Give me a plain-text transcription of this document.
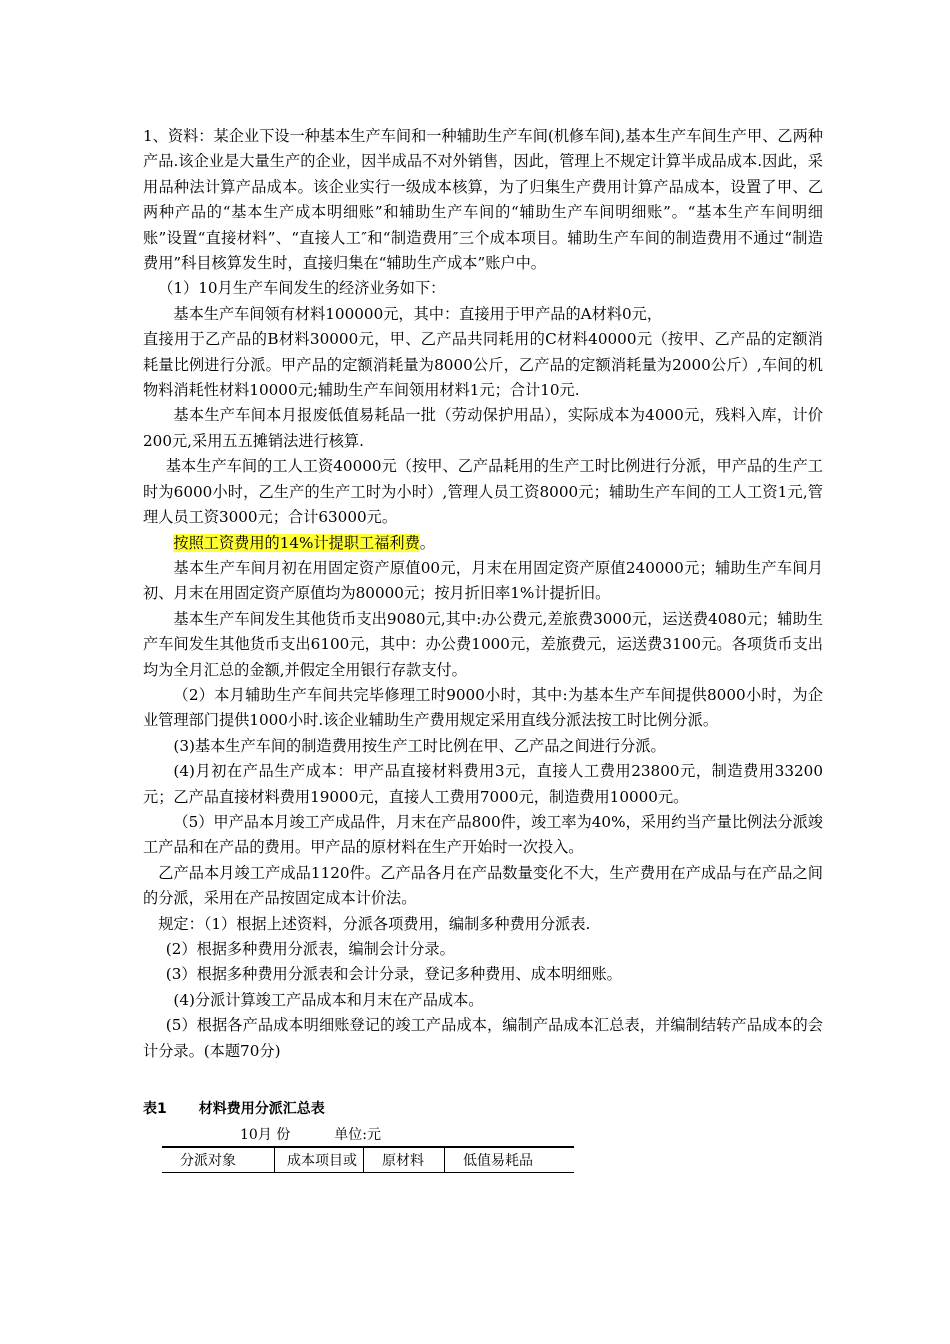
1、资料：某企业下设一种基本生产车间和一种辅助生产车间(机修车间),基本生产车间生产甲、乙两种产品.该企业是大量生产的企业，因半成品不对外销售，因此，管理上不规定计算半成品成本.因此，采用品种法计算产品成本。该企业实行一级成本核算，为了归集生产费用计算产品成本，设置了甲、乙两种产品的“基本生产成本明细账”和辅助生产车间的“辅助生产车间明细账”。“基本生产车间明细账”设置“直接材料”、“直接人工″和“制造费用″三个成本项目。辅助生产车间的制造费用不通过“制造费用”科目核算发生时，直接归集在“辅助生产成本”账户中。

（1）10月生产车间发生的经济业务如下：

基本生产车间领有材料100000元，其中：直接用于甲产品的A材料0元，

直接用于乙产品的B材料30000元，甲、乙产品共同耗用的C材料40000元（按甲、乙产品的定额消耗量比例进行分派。甲产品的定额消耗量为8000公斤，乙产品的定额消耗量为2000公斤）,车间的机物料消耗性材料10000元;辅助生产车间领用材料1元；合计10元.

基本生产车间本月报废低值易耗品一批（劳动保护用品），实际成本为4000元，残料入库，计价200元,采用五五摊销法进行核算.

基本生产车间的工人工资40000元（按甲、乙产品耗用的生产工时比例进行分派，甲产品的生产工时为6000小时，乙生产的生产工时为小时）,管理人员工资8000元；辅助生产车间的工人工资1元,管理人员工资3000元；合计63000元。

按照工资费用的14%计提职工福利费。

基本生产车间月初在用固定资产原值00元，月末在用固定资产原值240000元；辅助生产车间月初、月末在用固定资产原值均为80000元；按月折旧率1%计提折旧。

基本生产车间发生其他货币支出9080元,其中:办公费元,差旅费3000元，运送费4080元；辅助生产车间发生其他货币支出6100元，其中：办公费1000元，差旅费元，运送费3100元。各项货币支出均为全月汇总的金额,并假定全用银行存款支付。

（2）本月辅助生产车间共完毕修理工时9000小时，其中:为基本生产车间提供8000小时，为企业管理部门提供1000小时.该企业辅助生产费用规定采用直线分派法按工时比例分派。

(3)基本生产车间的制造费用按生产工时比例在甲、乙产品之间进行分派。

(4)月初在产品生产成本：甲产品直接材料费用3元，直接人工费用23800元，制造费用33200元；乙产品直接材料费用19000元，直接人工费用7000元，制造费用10000元。

（5）甲产品本月竣工产成品件，月末在产品800件，竣工率为40%，采用约当产量比例法分派竣工产品和在产品的费用。甲产品的原材料在生产开始时一次投入。

乙产品本月竣工产成品1120件。乙产品各月在产品数量变化不大，生产费用在产成品与在产品之间的分派，采用在产品按固定成本计价法。

规定：（1）根据上述资料，分派各项费用，编制多种费用分派表.

(2）根据多种费用分派表，编制会计分录。

(3）根据多种费用分派表和会计分录，登记多种费用、成本明细账。

(4)分派计算竣工产品成本和月末在产品成本。

(5）根据各产品成本明细账登记的竣工产品成本，编制产品成本汇总表，并编制结转产品成本的会计分录。(本题70分)

表1 材料费用分派汇总表
10月 份	单位:元
分派对象	成本项目或	原材料	低值易耗品
